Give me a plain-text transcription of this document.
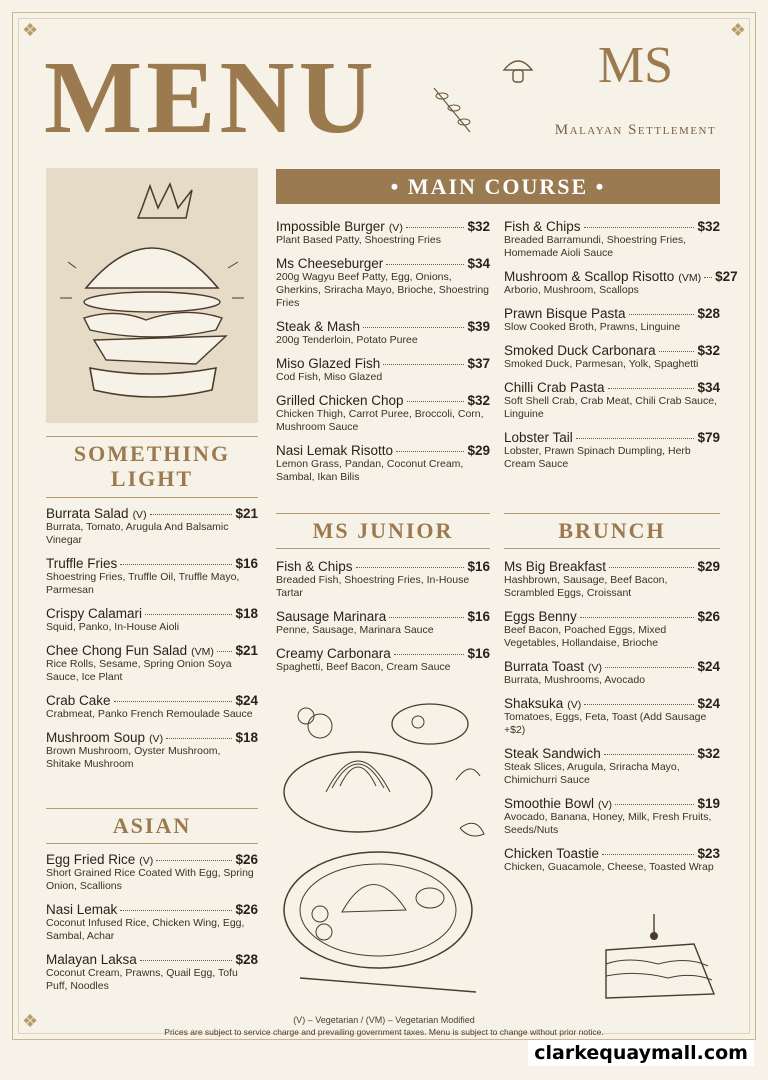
❖	❖
❖
MENU	MS
Malayan Settlement
SOMETHING LIGHT
Burrata Salad (V)	$21
Burrata, Tomato, Arugula And Balsamic Vinegar
Truffle Fries	$16
Shoestring Fries, Truffle Oil, Truffle Mayo, Parmesan
Crispy Calamari	$18
Squid, Panko, In-House Aioli
Chee Chong Fun Salad (VM) $21
Rice Rolls, Sesame, Spring Onion Soya Sauce, Ice Plant
Crab Cake	$24
Crabmeat, Panko French Remoulade Sauce
Mushroom Soup (V)	$18
Brown Mushroom, Oyster Mushroom, Shitake Mushroom
ASIAN
Egg Fried Rice (V)	$26
Short Grained Rice Coated With Egg, Spring Onion, Scallions
Nasi Lemak	$26
Coconut Infused Rice, Chicken Wing, Egg, Sambal, Achar
Malayan Laksa	$28
Coconut Cream, Prawns, Quail Egg, Tofu Puff, Noodles
• MAIN COURSE •
Impossible Burger (V)	$32
Plant Based Patty, Shoestring Fries
Ms Cheeseburger	$34
200g Wagyu Beef Patty, Egg, Onions, Gherkins, Sriracha Mayo, Brioche, Shoestring Fries
Steak & Mash	$39
200g Tenderloin, Potato Puree
Miso Glazed Fish	$37
Cod Fish, Miso Glazed
Grilled Chicken Chop	$32
Chicken Thigh, Carrot Puree, Broccoli, Corn, Mushroom Sauce
Nasi Lemak Risotto	$29
Lemon Grass, Pandan, Coconut Cream, Sambal, Ikan Bilis
Fish & Chips	$32
Breaded Barramundi, Shoestring Fries, Homemade Aioli Sauce
Mushroom & Scallop Risotto (VM) $27
Arborio, Mushroom, Scallops
Prawn Bisque Pasta	$28
Slow Cooked Broth, Prawns, Linguine
Smoked Duck Carbonara	$32
Smoked Duck, Parmesan, Yolk, Spaghetti
Chilli Crab Pasta	$34
Soft Shell Crab, Crab Meat, Chili Crab Sauce, Linguine
Lobster Tail	$79
Lobster, Prawn Spinach Dumpling, Herb Cream Sauce
MS JUNIOR
Fish & Chips	$16
Breaded Fish, Shoestring Fries, In-House Tartar
Sausage Marinara	$16
Penne, Sausage, Marinara Sauce
Creamy Carbonara	$16
Spaghetti, Beef Bacon, Cream Sauce
BRUNCH
Ms Big Breakfast	$29
Hashbrown, Sausage, Beef Bacon, Scrambled Eggs, Croissant
Eggs Benny	$26
Beef Bacon, Poached Eggs, Mixed Vegetables, Hollandaise, Brioche
Burrata Toast (V)	$24
Burrata, Mushrooms, Avocado
Shaksuka (V)	$24
Tomatoes, Eggs, Feta, Toast (Add Sausage +$2)
Steak Sandwich	$32
Steak Slices, Arugula, Sriracha Mayo, Chimichurri Sauce
Smoothie Bowl (V)	$19
Avocado, Banana, Honey, Milk, Fresh Fruits, Seeds/Nuts
Chicken Toastie	$23
Chicken, Guacamole, Cheese, Toasted Wrap
(V) – Vegetarian / (VM) – Vegetarian Modified
Prices are subject to service charge and prevailing government taxes. Menu is subject to change without prior notice.
clarkequaymall.com
